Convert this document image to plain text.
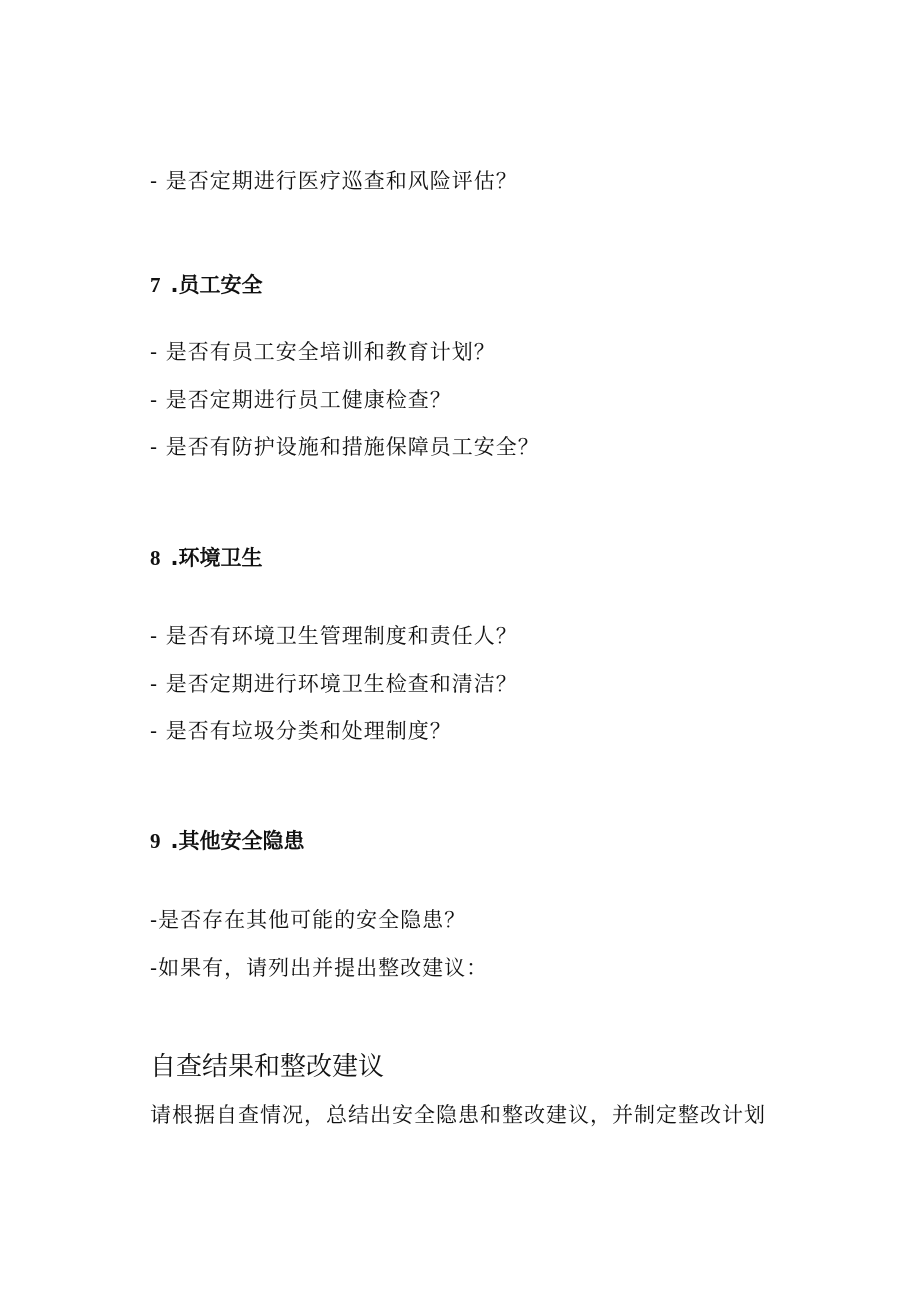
- 是否定期进行医疗巡查和风险评估？
7 .员工安全
- 是否有员工安全培训和教育计划？
- 是否定期进行员工健康检查？
- 是否有防护设施和措施保障员工安全？
8 .环境卫生
- 是否有环境卫生管理制度和责任人？
- 是否定期进行环境卫生检查和清洁？
- 是否有垃圾分类和处理制度？
9 .其他安全隐患
-是否存在其他可能的安全隐患？
-如果有，请列出并提出整改建议：
自查结果和整改建议
请根据自查情况，总结出安全隐患和整改建议，并制定整改计划
